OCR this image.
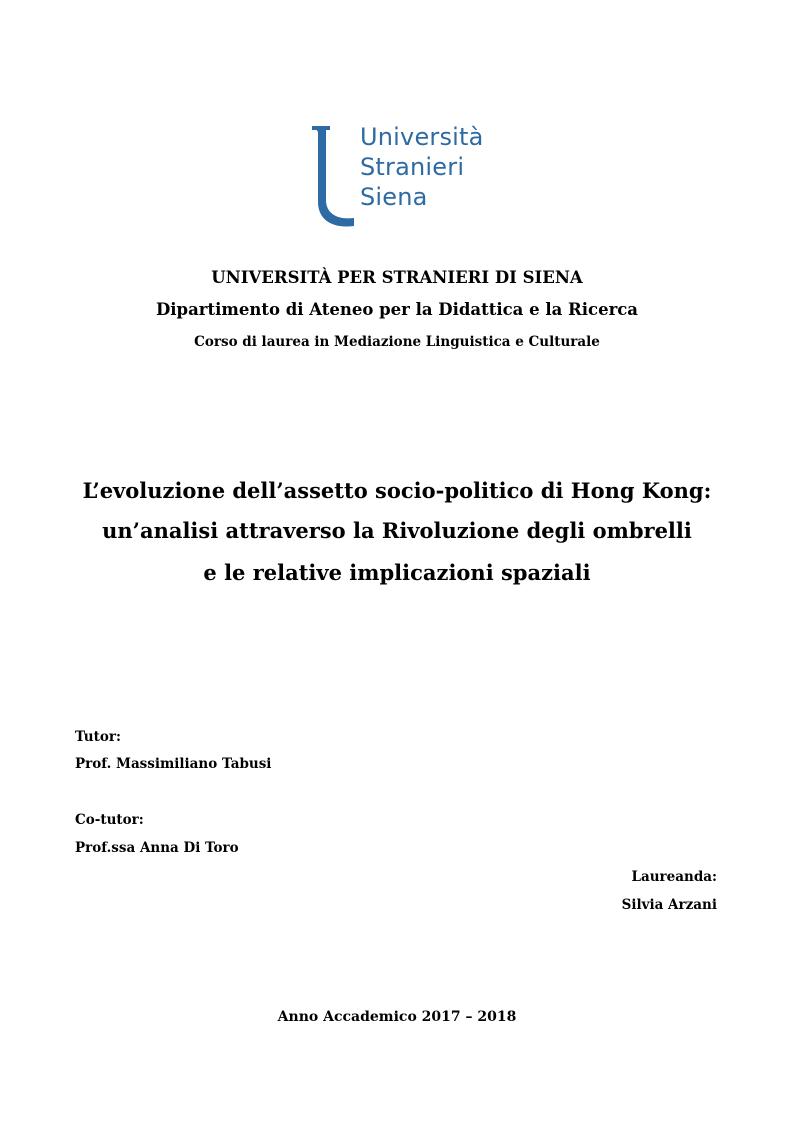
Università
Stranieri
Siena
UNIVERSITÀ PER STRANIERI DI SIENA
Dipartimento di Ateneo per la Didattica e la Ricerca
Corso di laurea in Mediazione Linguistica e Culturale
L’evoluzione dell’assetto socio-politico di Hong Kong:
un’analisi attraverso la Rivoluzione degli ombrelli
e le relative implicazioni spaziali
Tutor:
Prof. Massimiliano Tabusi
Co-tutor:
Prof.ssa Anna Di Toro
Laureanda:
Silvia Arzani
Anno Accademico 2017 – 2018
